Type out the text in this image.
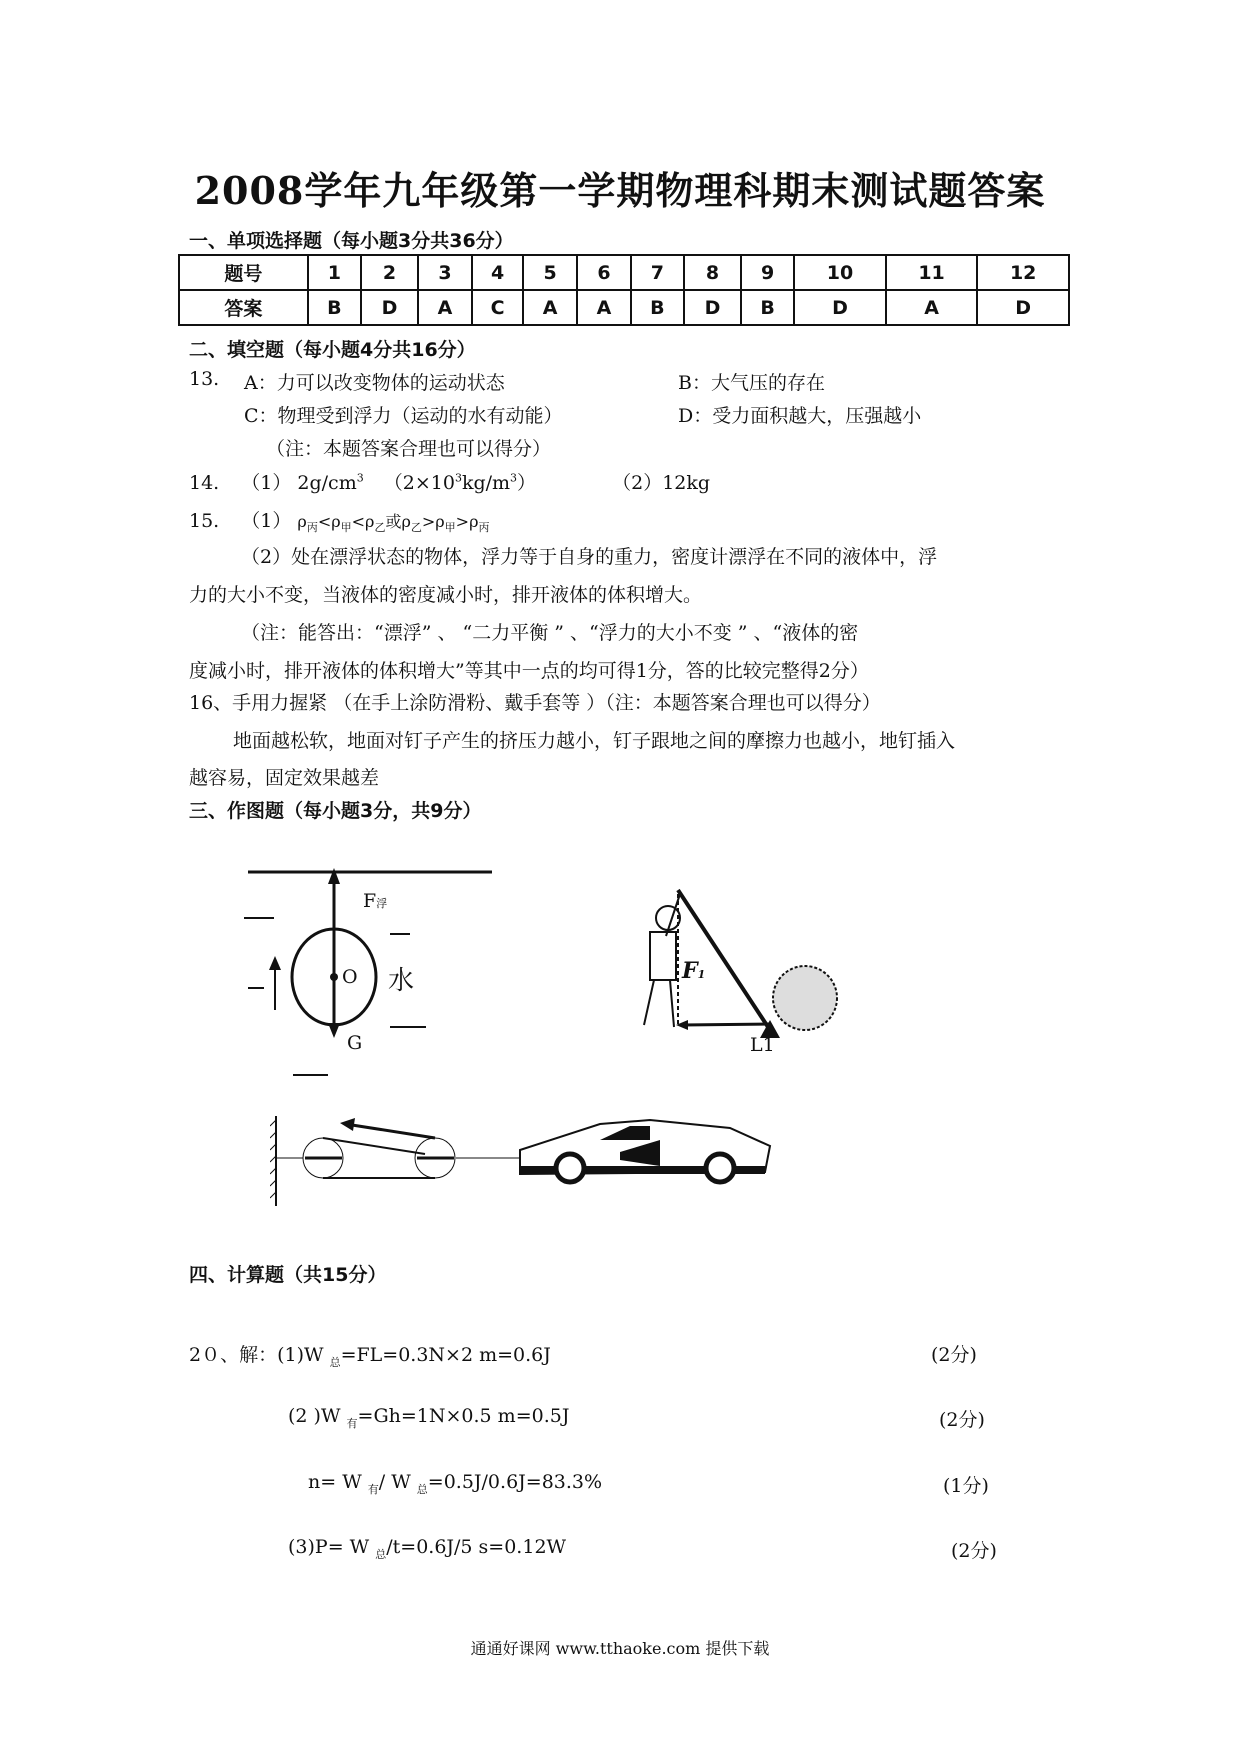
2008学年九年级第一学期物理科期末测试题答案
一、单项选择题（每小题3分共36分）
题号	1	2	3	4	5	6	7	8	9	10	11	12
答案	B	D	A	C	A	A	B	D	B	D	A	D
二、填空题（每小题4分共16分）
13. A：力可以改变物体的运动状态	B：大气压的存在
C：物理受到浮力（运动的水有动能）	D：受力面积越大，压强越小
（注：本题答案合理也可以得分）
14. （1） $2g/cm^3$ $(2\times 10^3kg/m^3)$	（2）12kg
15. （1） $\rho_丙<\rho_甲<\rho_乙$或$\rho_乙>\rho_甲>\rho_丙$
（2）处在漂浮状态的物体，浮力等于自身的重力，密度计漂浮在不同的液体中，浮
力的大小不变，当液体的密度减小时，排开液体的体积增大。
（注：能答出：“漂浮” 、 “二力平衡 ” 、“浮力的大小不变 ” 、“液体的密
度减小时，排开液体的体积增大”等其中一点的均可得1分，答的比较完整得2分）
16、手用力握紧 （在手上涂防滑粉、戴手套等 ）（注：本题答案合理也可以得分）
地面越松软，地面对钉子产生的挤压力越小，钉子跟地之间的摩擦力也越小，地钉插入
越容易，固定效果越差
三、作图题（每小题3分，共9分）
F浮
O 水
G
F1
L1
四、计算题（共15分）
2０、解：(1)W $_总$=FL=0.3N×2 m=0.6J	(2分)
(2 )W $_有$=Gh=1N×0.5 m=0.5J	(2分)
n= W $_有$/ W $_总$=0.5J/0.6J=83.3%	(1分)
(3)P= W $_总$/t=0.6J/5 s=0.12W	(2分)
通通好课网 www.tthaoke.com 提供下载
